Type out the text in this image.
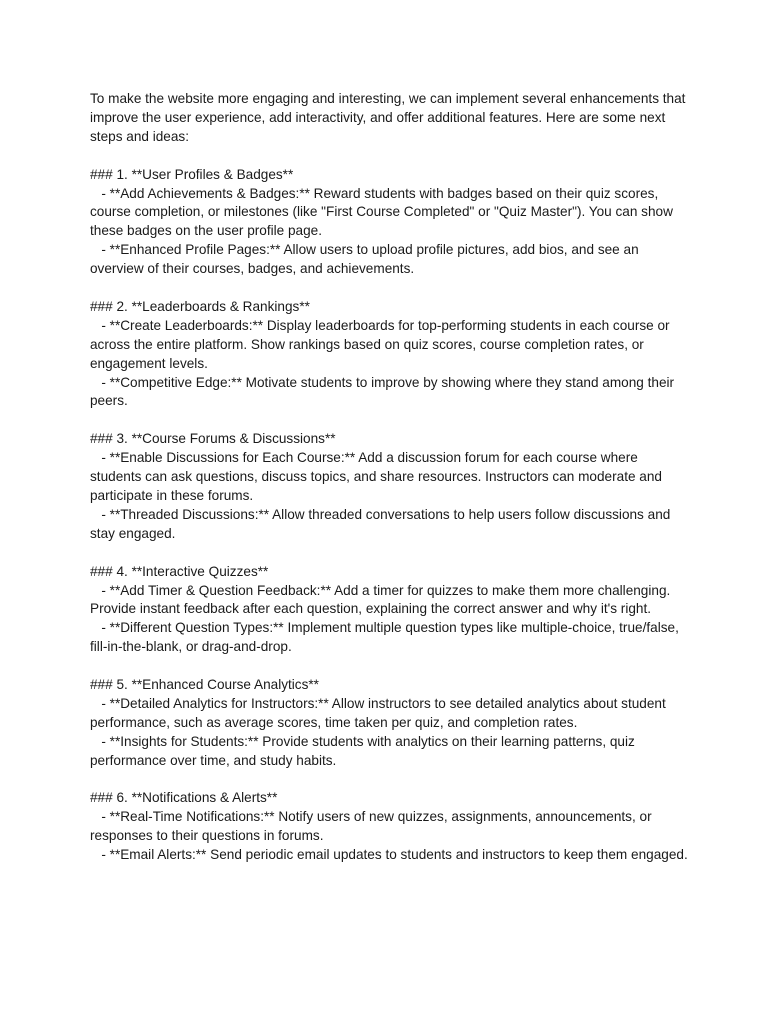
To make the website more engaging and interesting, we can implement several enhancements that improve the user experience, add interactivity, and offer additional features. Here are some next steps and ideas:

### 1. **User Profiles & Badges**

- **Add Achievements & Badges:** Reward students with badges based on their quiz scores, course completion, or milestones (like "First Course Completed" or "Quiz Master"). You can show these badges on the user profile page.

- **Enhanced Profile Pages:** Allow users to upload profile pictures, add bios, and see an overview of their courses, badges, and achievements.

### 2. **Leaderboards & Rankings**

- **Create Leaderboards:** Display leaderboards for top-performing students in each course or across the entire platform. Show rankings based on quiz scores, course completion rates, or engagement levels.

- **Competitive Edge:** Motivate students to improve by showing where they stand among their peers.

### 3. **Course Forums & Discussions**

- **Enable Discussions for Each Course:** Add a discussion forum for each course where students can ask questions, discuss topics, and share resources. Instructors can moderate and participate in these forums.

- **Threaded Discussions:** Allow threaded conversations to help users follow discussions and stay engaged.

### 4. **Interactive Quizzes**

- **Add Timer & Question Feedback:** Add a timer for quizzes to make them more challenging. Provide instant feedback after each question, explaining the correct answer and why it's right.

- **Different Question Types:** Implement multiple question types like multiple-choice, true/false, fill-in-the-blank, or drag-and-drop.

### 5. **Enhanced Course Analytics**

- **Detailed Analytics for Instructors:** Allow instructors to see detailed analytics about student performance, such as average scores, time taken per quiz, and completion rates.

- **Insights for Students:** Provide students with analytics on their learning patterns, quiz performance over time, and study habits.

### 6. **Notifications & Alerts**

- **Real-Time Notifications:** Notify users of new quizzes, assignments, announcements, or responses to their questions in forums.

- **Email Alerts:** Send periodic email updates to students and instructors to keep them engaged.
